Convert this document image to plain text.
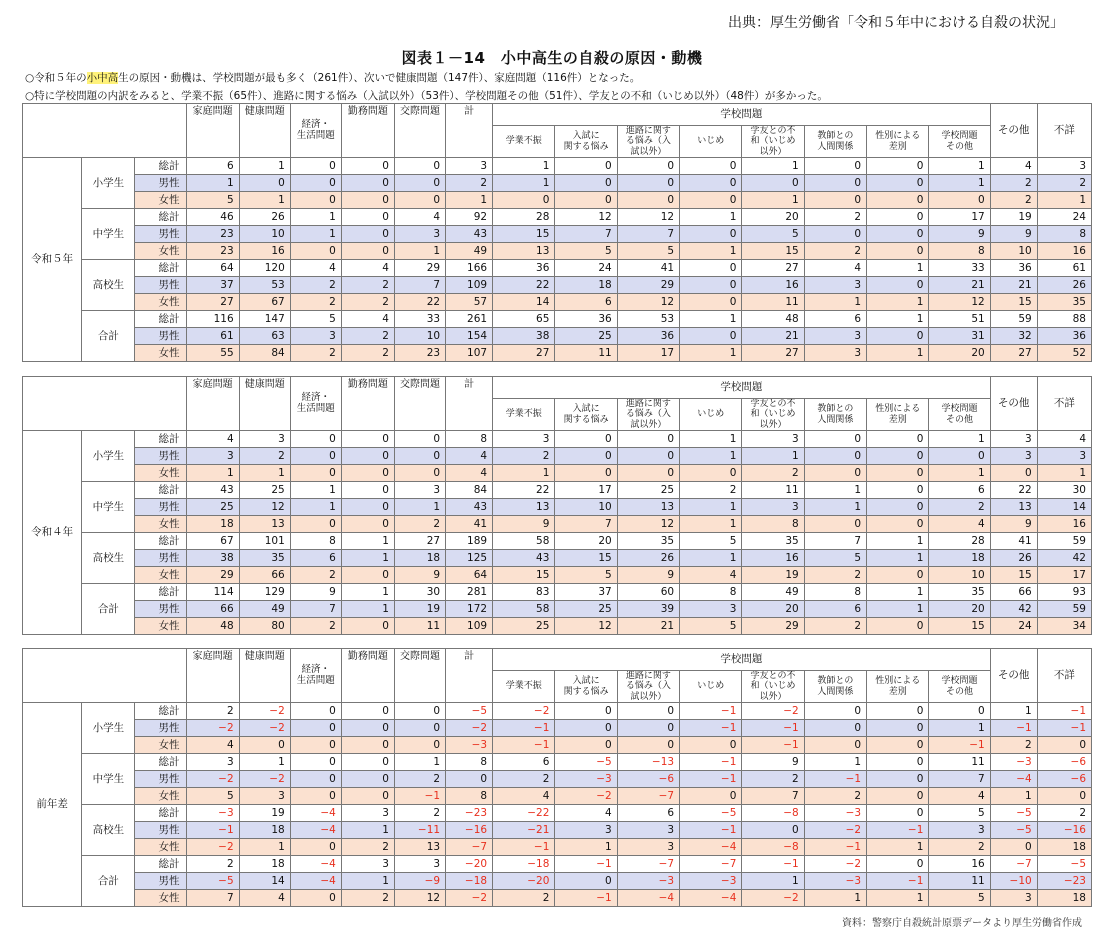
出典：厚生労働省「令和５年中における自殺の状況」
図表１－14　小中高生の自殺の原因・動機
○令和５年の小中高生の原因・動機は、学校問題が最も多く（261件）、次いで健康問題（147件）、家庭問題（116件）となった。
○特に学校問題の内訳をみると、学業不振（65件）、進路に関する悩み（入試以外）（53件）、学校問題その他（51件）、学友との不和（いじめ以外）（48件）が多かった。
			家庭問題	健康問題	経済・
生活問題	勤務問題	交際問題	計	学校問題								その他	不詳
									学業不振	入試に
関する悩み	進路に関す
る悩み（入
試以外）	いじめ	学友との不
和（いじめ
以外）	教師との
人間関係	性別による
差別	学校問題
その他		
令和５年	小学生	総計	6	1	0	0	0	3	1	0	0	0	1	0	0	1	4	3
		男性	1	0	0	0	0	2	1	0	0	0	0	0	0	1	2	2
		女性	5	1	0	0	0	1	0	0	0	0	1	0	0	0	2	1
	中学生	総計	46	26	1	0	4	92	28	12	12	1	20	2	0	17	19	24
		男性	23	10	1	0	3	43	15	7	7	0	5	0	0	9	9	8
		女性	23	16	0	0	1	49	13	5	5	1	15	2	0	8	10	16
	高校生	総計	64	120	4	4	29	166	36	24	41	0	27	4	1	33	36	61
		男性	37	53	2	2	7	109	22	18	29	0	16	3	0	21	21	26
		女性	27	67	2	2	22	57	14	6	12	0	11	1	1	12	15	35
	合計	総計	116	147	5	4	33	261	65	36	53	1	48	6	1	51	59	88
		男性	61	63	3	2	10	154	38	25	36	0	21	3	0	31	32	36
		女性	55	84	2	2	23	107	27	11	17	1	27	3	1	20	27	52
			家庭問題	健康問題	経済・
生活問題	勤務問題	交際問題	計	学校問題								その他	不詳
									学業不振	入試に
関する悩み	進路に関す
る悩み（入
試以外）	いじめ	学友との不
和（いじめ
以外）	教師との
人間関係	性別による
差別	学校問題
その他		
令和４年	小学生	総計	4	3	0	0	0	8	3	0	0	1	3	0	0	1	3	4
		男性	3	2	0	0	0	4	2	0	0	1	1	0	0	0	3	3
		女性	1	1	0	0	0	4	1	0	0	0	2	0	0	1	0	1
	中学生	総計	43	25	1	0	3	84	22	17	25	2	11	1	0	6	22	30
		男性	25	12	1	0	1	43	13	10	13	1	3	1	0	2	13	14
		女性	18	13	0	0	2	41	9	7	12	1	8	0	0	4	9	16
	高校生	総計	67	101	8	1	27	189	58	20	35	5	35	7	1	28	41	59
		男性	38	35	6	1	18	125	43	15	26	1	16	5	1	18	26	42
		女性	29	66	2	0	9	64	15	5	9	4	19	2	0	10	15	17
	合計	総計	114	129	9	1	30	281	83	37	60	8	49	8	1	35	66	93
		男性	66	49	7	1	19	172	58	25	39	3	20	6	1	20	42	59
		女性	48	80	2	0	11	109	25	12	21	5	29	2	0	15	24	34
			家庭問題	健康問題	経済・
生活問題	勤務問題	交際問題	計	学校問題								その他	不詳
									学業不振	入試に
関する悩み	進路に関す
る悩み（入
試以外）	いじめ	学友との不
和（いじめ
以外）	教師との
人間関係	性別による
差別	学校問題
その他		
前年差	小学生	総計	2	−2	0	0	0	−5	−2	0	0	−1	−2	0	0	0	1	−1
		男性	−2	−2	0	0	0	−2	−1	0	0	−1	−1	0	0	1	−1	−1
		女性	4	0	0	0	0	−3	−1	0	0	0	−1	0	0	−1	2	0
	中学生	総計	3	1	0	0	1	8	6	−5	−13	−1	9	1	0	11	−3	−6
		男性	−2	−2	0	0	2	0	2	−3	−6	−1	2	−1	0	7	−4	−6
		女性	5	3	0	0	−1	8	4	−2	−7	0	7	2	0	4	1	0
	高校生	総計	−3	19	−4	3	2	−23	−22	4	6	−5	−8	−3	0	5	−5	2
		男性	−1	18	−4	1	−11	−16	−21	3	3	−1	0	−2	−1	3	−5	−16
		女性	−2	1	0	2	13	−7	−1	1	3	−4	−8	−1	1	2	0	18
	合計	総計	2	18	−4	3	3	−20	−18	−1	−7	−7	−1	−2	0	16	−7	−5
		男性	−5	14	−4	1	−9	−18	−20	0	−3	−3	1	−3	−1	11	−10	−23
		女性	7	4	0	2	12	−2	2	−1	−4	−4	−2	1	1	5	3	18
資料：警察庁自殺統計原票データより厚生労働省作成
